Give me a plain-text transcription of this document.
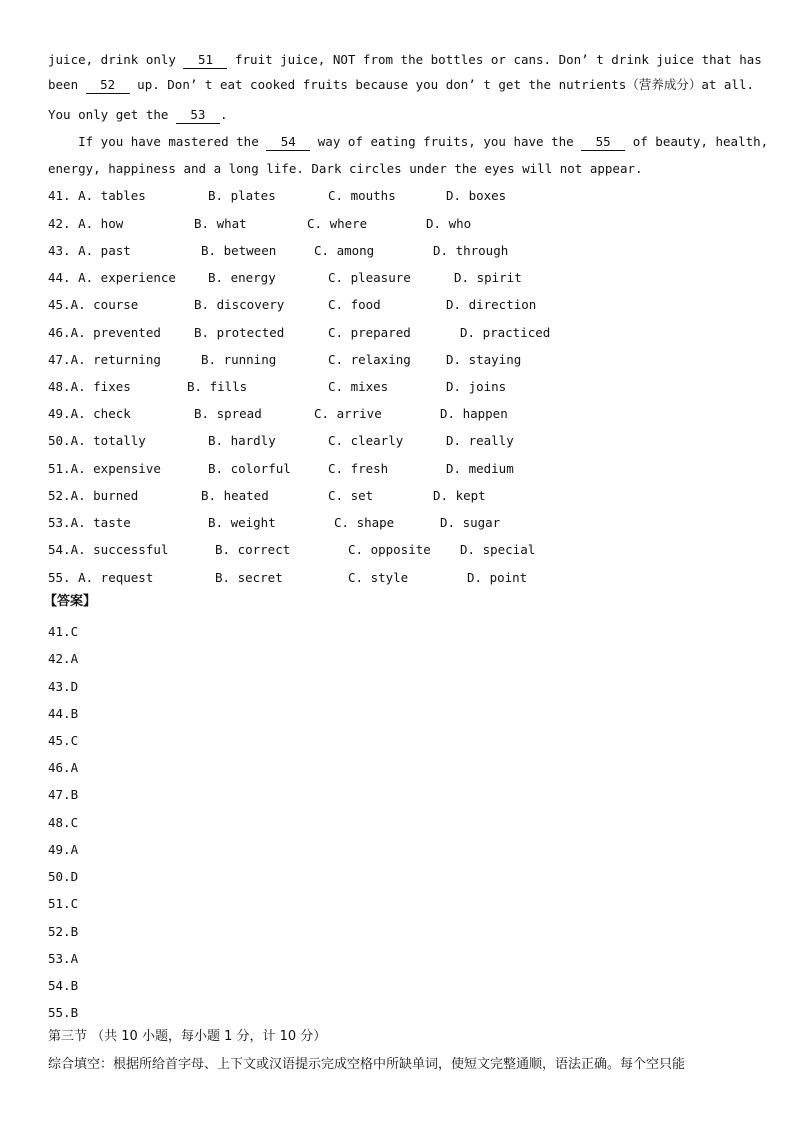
juice, drink only 51 fruit juice, NOT from the bottles or cans. Don’ t drink juice that has
been 52 up. Don’ t eat cooked fruits because you don’ t get the nutrients（营养成分）at all.
You only get the 53 .
If you have mastered the 54 way of eating fruits, you have the 55 of beauty, health,
energy, happiness and a long life. Dark circles under the eyes will not appear.
41. A. tables	B. plates	C. mouths	D. boxes
42. A. how	B. what	C. where	D. who
43. A. past	B. between	C. among	D. through
44. A. experience	B. energy	C. pleasure	D. spirit
45.A. course	B. discovery	C. food	D. direction
46.A. prevented	B. protected	C. prepared	D. practiced
47.A. returning	B. running	C. relaxing	D. staying
48.A. fixes	B. fills	C. mixes	D. joins
49.A. check	B. spread	C. arrive	D. happen
50.A. totally	B. hardly	C. clearly	D. really
51.A. expensive	B. colorful	C. fresh	D. medium
52.A. burned	B. heated	C. set	D. kept
53.A. taste	B. weight	C. shape	D. sugar
54.A. successful	B. correct	C. opposite D. special
55. A. request	B. secret	C. style	D. point
【答案】
41.C
42.A
43.D
44.B
45.C
46.A
47.B
48.C
49.A
50.D
51.C
52.B
53.A
54.B
55.B
第三节 （共 10 小题，每小题 1 分，计 10 分）
综合填空：根据所给首字母、上下文或汉语提示完成空格中所缺单词，使短文完整通顺，语法正确。每个空只能
